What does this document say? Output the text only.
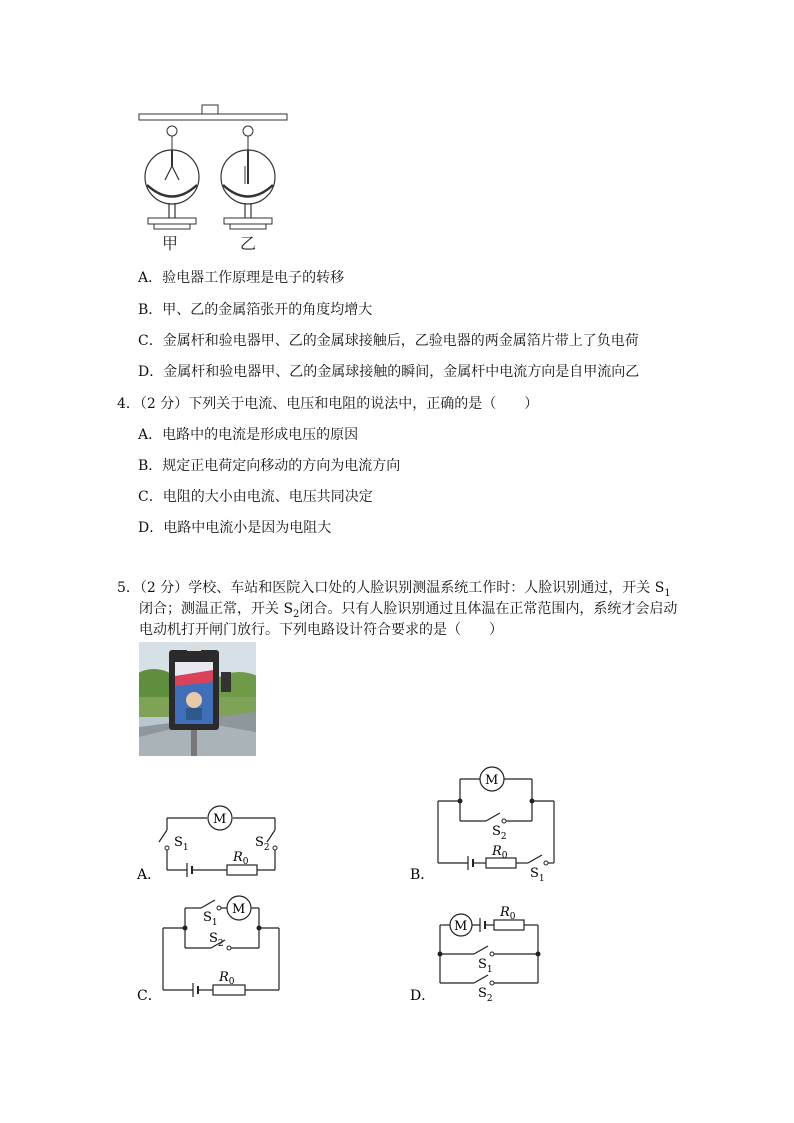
甲	乙
A．验电器工作原理是电子的转移
B．甲、乙的金属箔张开的角度均增大
C．金属杆和验电器甲、乙的金属球接触后，乙验电器的两金属箔片带上了负电荷
D．金属杆和验电器甲、乙的金属球接触的瞬间，金属杆中电流方向是自甲流向乙
4．（2 分）下列关于电流、电压和电阻的说法中，正确的是（　　）
A．电路中的电流是形成电压的原因
B．规定正电荷定向移动的方向为电流方向
C．电阻的大小由电流、电压共同决定
D．电路中电流小是因为电阻大
5．（2 分）学校、车站和医院入口处的人脸识别测温系统工作时：人脸识别通过，开关 $S_1$
闭合；测温正常，开关 $S_2$闭合。只有人脸识别通过且体温在正常范围内，系统才会启动
电动机打开闸门放行。下列电路设计符合要求的是（　　）
A．
M
$S_1$	$S_2$
$R_0$
B．
M
$S_2$
$R_0$
$S_1$
C．
$S_1$
M
$S_2$
$R_0$
D．
M
$R_0$
$S_1$
$S_2$
